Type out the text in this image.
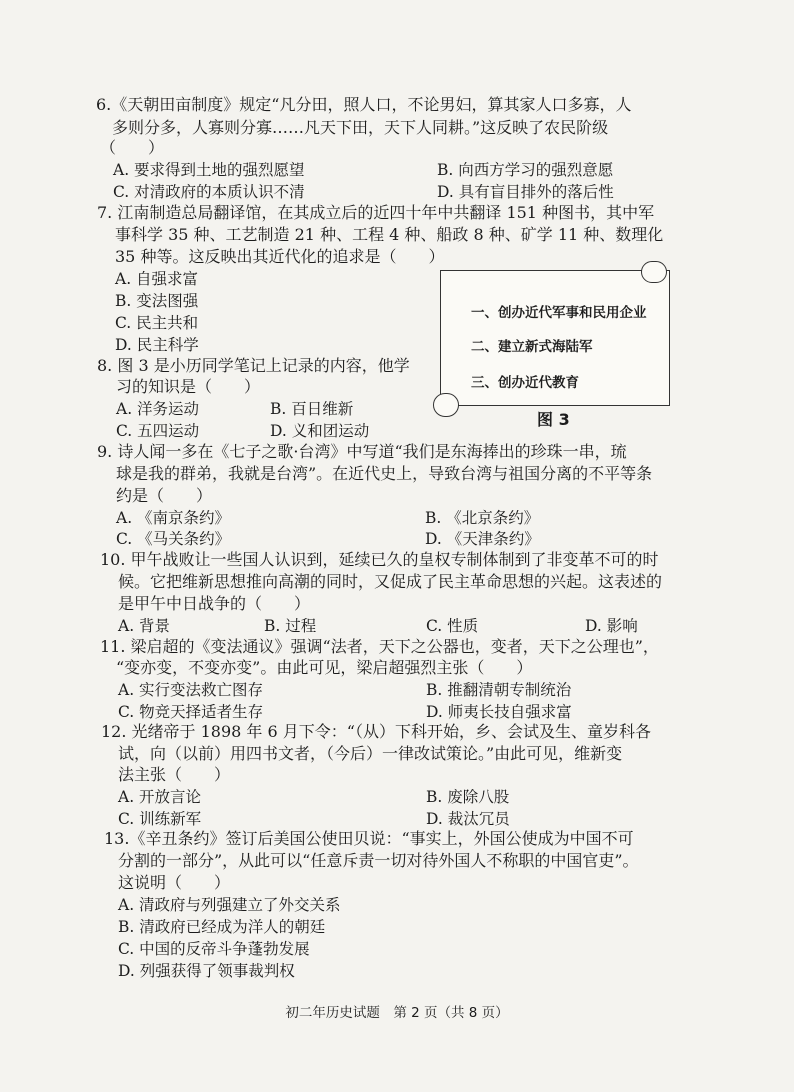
6.《天朝田亩制度》规定“凡分田，照人口，不论男妇，算其家人口多寡，人
多则分多，人寡则分寡……凡天下田，天下人同耕。”这反映了农民阶级
（　　）
A. 要求得到土地的强烈愿望	B. 向西方学习的强烈意愿
C. 对清政府的本质认识不清	D. 具有盲目排外的落后性
7. 江南制造总局翻译馆，在其成立后的近四十年中共翻译 151 种图书，其中军
事科学 35 种、工艺制造 21 种、工程 4 种、船政 8 种、矿学 11 种、数理化
35 种等。这反映出其近代化的追求是（　　）
A. 自强求富
B. 变法图强
C. 民主共和
D. 民主科学
8. 图 3 是小历同学笔记上记录的内容，他学
习的知识是（　　）
A. 洋务运动	B. 百日维新
C. 五四运动	D. 义和团运动
一、创办近代军事和民用企业
二、建立新式海陆军
三、创办近代教育
图 3
9. 诗人闻一多在《七子之歌·台湾》中写道“我们是东海捧出的珍珠一串，琉
球是我的群弟，我就是台湾”。在近代史上，导致台湾与祖国分离的不平等条
约是（　　）
A. 《南京条约》	B. 《北京条约》
C. 《马关条约》	D. 《天津条约》
10. 甲午战败让一些国人认识到，延续已久的皇权专制体制到了非变革不可的时
候。它把维新思想推向高潮的同时，又促成了民主革命思想的兴起。这表述的
是甲午中日战争的（　　）
A. 背景	B. 过程	C. 性质	D. 影响
11. 梁启超的《变法通议》强调“法者，天下之公器也，变者，天下之公理也”，
“变亦变，不变亦变”。由此可见，梁启超强烈主张（　　）
A. 实行变法救亡图存	B. 推翻清朝专制统治
C. 物竞天择适者生存	D. 师夷长技自强求富
12. 光绪帝于 1898 年 6 月下令：“（从）下科开始，乡、会试及生、童岁科各
试，向（以前）用四书文者，（今后）一律改试策论。”由此可见，维新变
法主张（　　）
A. 开放言论	B. 废除八股
C. 训练新军	D. 裁汰冗员
13.《辛丑条约》签订后美国公使田贝说：“事实上，外国公使成为中国不可
分割的一部分”，从此可以“任意斥责一切对待外国人不称职的中国官吏”。
这说明（　　）
A. 清政府与列强建立了外交关系
B. 清政府已经成为洋人的朝廷
C. 中国的反帝斗争蓬勃发展
D. 列强获得了领事裁判权
初二年历史试题　第 2 页（共 8 页）
